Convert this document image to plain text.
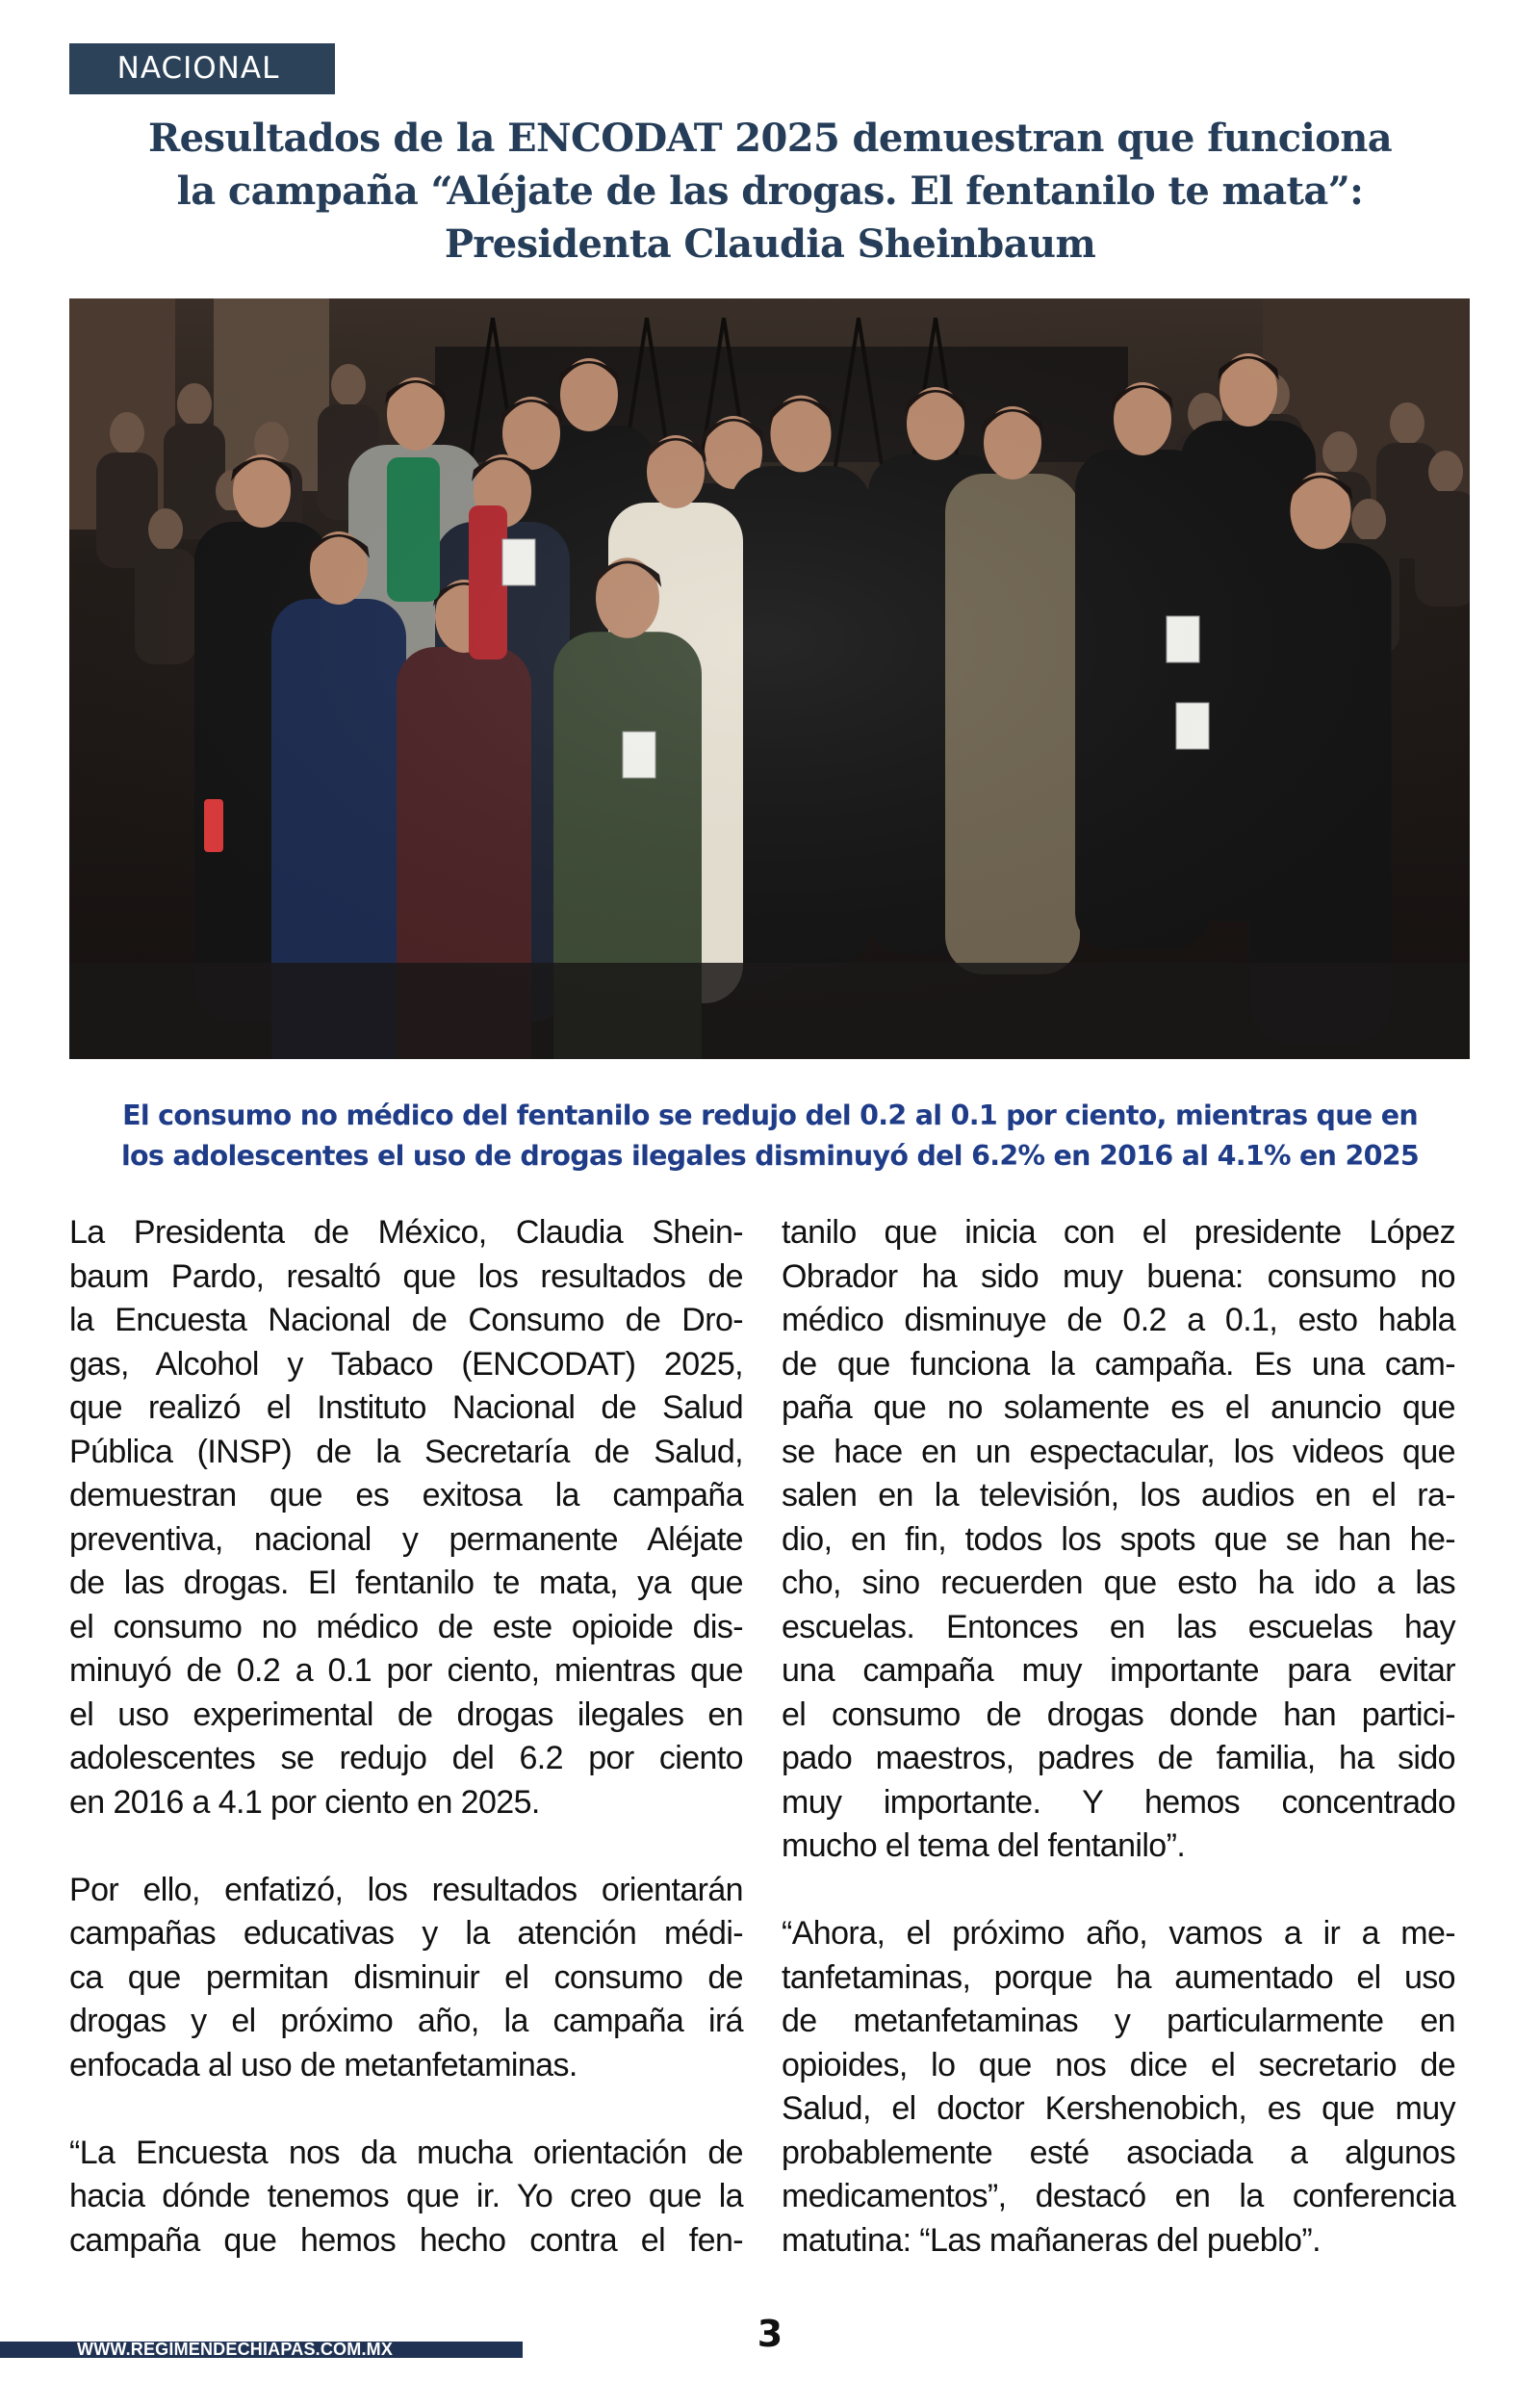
NACIONAL
Resultados de la ENCODAT 2025 demuestran que funciona
la campaña “Aléjate de las drogas. El fentanilo te mata”:
Presidenta Claudia Sheinbaum

El consumo no médico del fentanilo se redujo del 0.2 al 0.1 por ciento, mientras que en
los adolescentes el uso de drogas ilegales disminuyó del 6.2% en 2016 al 4.1% en 2025

La Presidenta de México, Claudia Shein-
baum Pardo, resaltó que los resultados de
la Encuesta Nacional de Consumo de Dro-
gas, Alcohol y Tabaco (ENCODAT) 2025,
que realizó el Instituto Nacional de Salud
Pública (INSP) de la Secretaría de Salud,
demuestran que es exitosa la campaña
preventiva, nacional y permanente Aléjate
de las drogas. El fentanilo te mata, ya que
el consumo no médico de este opioide dis-
minuyó de 0.2 a 0.1 por ciento, mientras que
el uso experimental de drogas ilegales en
adolescentes se redujo del 6.2 por ciento
en 2016 a 4.1 por ciento en 2025.

Por ello, enfatizó, los resultados orientarán
campañas educativas y la atención médi-
ca que permitan disminuir el consumo de
drogas y el próximo año, la campaña irá
enfocada al uso de metanfetaminas.

“La Encuesta nos da mucha orientación de
hacia dónde tenemos que ir. Yo creo que la
campaña que hemos hecho contra el fen-

tanilo que inicia con el presidente López
Obrador ha sido muy buena: consumo no
médico disminuye de 0.2 a 0.1, esto habla
de que funciona la campaña. Es una cam-
paña que no solamente es el anuncio que
se hace en un espectacular, los videos que
salen en la televisión, los audios en el ra-
dio, en fin, todos los spots que se han he-
cho, sino recuerden que esto ha ido a las
escuelas. Entonces en las escuelas hay
una campaña muy importante para evitar
el consumo de drogas donde han partici-
pado maestros, padres de familia, ha sido
muy importante. Y hemos concentrado
mucho el tema del fentanilo”.

“Ahora, el próximo año, vamos a ir a me-
tanfetaminas, porque ha aumentado el uso
de metanfetaminas y particularmente en
opioides, lo que nos dice el secretario de
Salud, el doctor Kershenobich, es que muy
probablemente esté asociada a algunos
medicamentos”, destacó en la conferencia
matutina: “Las mañaneras del pueblo”.

3
WWW.REGIMENDECHIAPAS.COM.MX
